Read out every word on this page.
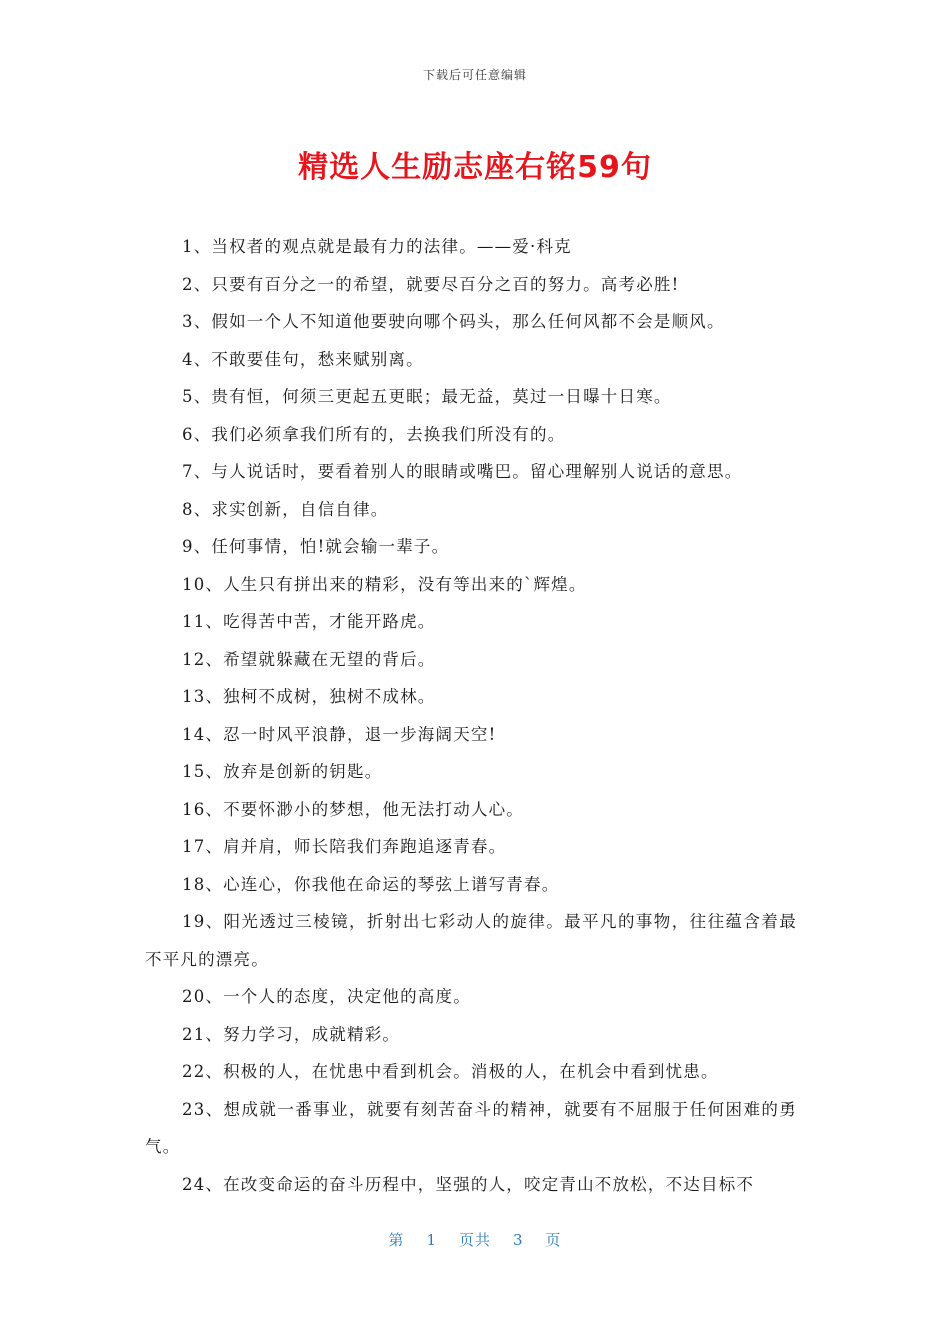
下载后可任意编辑
精选人生励志座右铭59句

1、当权者的观点就是最有力的法律。——爱·科克

2、只要有百分之一的希望，就要尽百分之百的努力。高考必胜!

3、假如一个人不知道他要驶向哪个码头，那么任何风都不会是顺风。

4、不敢要佳句，愁来赋别离。

5、贵有恒，何须三更起五更眠；最无益，莫过一日曝十日寒。

6、我们必须拿我们所有的，去换我们所没有的。

7、与人说话时，要看着别人的眼睛或嘴巴。留心理解别人说话的意思。

8、求实创新，自信自律。

9、任何事情，怕!就会输一辈子。

10、人生只有拼出来的精彩，没有等出来的`辉煌。

11、吃得苦中苦，才能开路虎。

12、希望就躲藏在无望的背后。

13、独柯不成树，独树不成林。

14、忍一时风平浪静，退一步海阔天空!

15、放弃是创新的钥匙。

16、不要怀渺小的梦想，他无法打动人心。

17、肩并肩，师长陪我们奔跑追逐青春。

18、心连心，你我他在命运的琴弦上谱写青春。

19、阳光透过三棱镜，折射出七彩动人的旋律。最平凡的事物，往往蕴含着最不平凡的漂亮。

20、一个人的态度，决定他的高度。

21、努力学习，成就精彩。

22、积极的人，在忧患中看到机会。消极的人，在机会中看到忧患。

23、想成就一番事业，就要有刻苦奋斗的精神，就要有不屈服于任何困难的勇气。

24、在改变命运的奋斗历程中，坚强的人，咬定青山不放松，不达目标不

第 1 页共 3 页
